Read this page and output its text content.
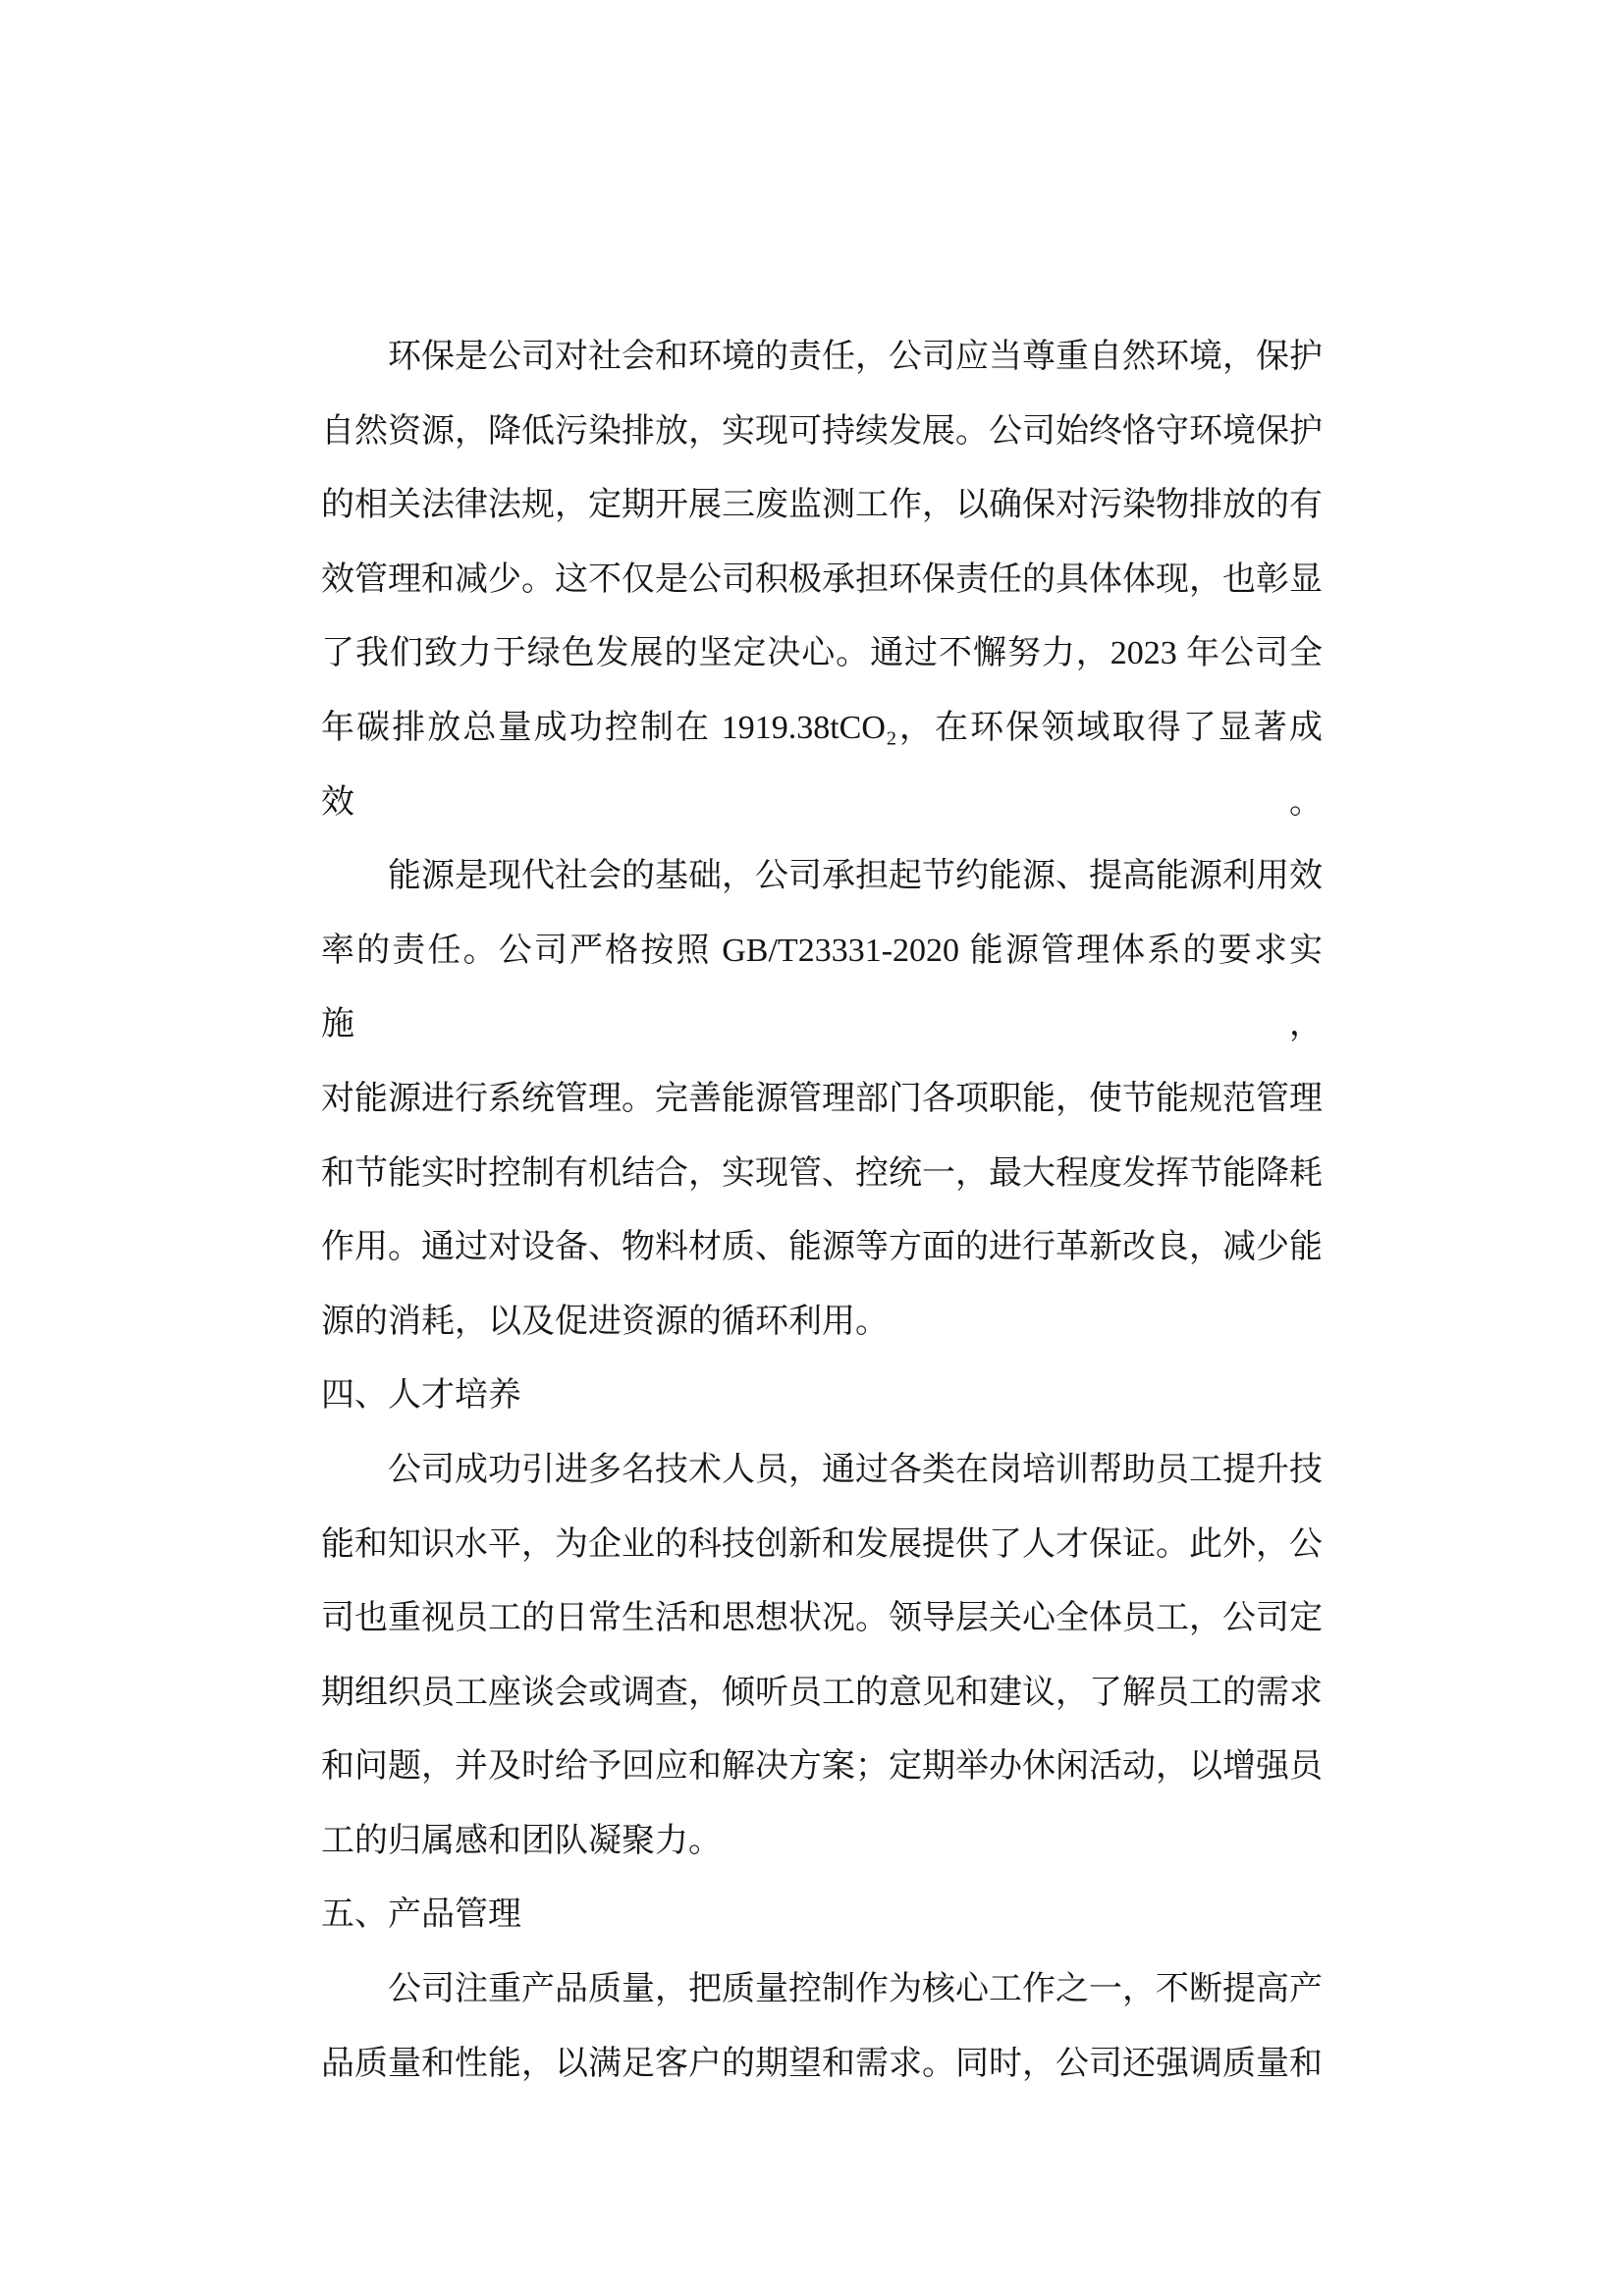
环保是公司对社会和环境的责任，公司应当尊重自然环境，保护
自然资源，降低污染排放，实现可持续发展。公司始终恪守环境保护
的相关法律法规，定期开展三废监测工作，以确保对污染物排放的有
效管理和减少。这不仅是公司积极承担环保责任的具体体现，也彰显
了我们致力于绿色发展的坚定决心。通过不懈努力，2023 年公司全
年碳排放总量成功控制在 1919.38tCO₂，在环保领域取得了显著成效。
能源是现代社会的基础，公司承担起节约能源、提高能源利用效
率的责任。公司严格按照 GB/T23331-2020 能源管理体系的要求实施，
对能源进行系统管理。完善能源管理部门各项职能，使节能规范管理
和节能实时控制有机结合，实现管、控统一，最大程度发挥节能降耗
作用。通过对设备、物料材质、能源等方面的进行革新改良，减少能
源的消耗，以及促进资源的循环利用。
四、人才培养
公司成功引进多名技术人员，通过各类在岗培训帮助员工提升技
能和知识水平，为企业的科技创新和发展提供了人才保证。此外，公
司也重视员工的日常生活和思想状况。领导层关心全体员工，公司定
期组织员工座谈会或调查，倾听员工的意见和建议，了解员工的需求
和问题，并及时给予回应和解决方案；定期举办休闲活动，以增强员
工的归属感和团队凝聚力。
五、产品管理
公司注重产品质量，把质量控制作为核心工作之一，不断提高产
品质量和性能，以满足客户的期望和需求。同时，公司还强调质量和
